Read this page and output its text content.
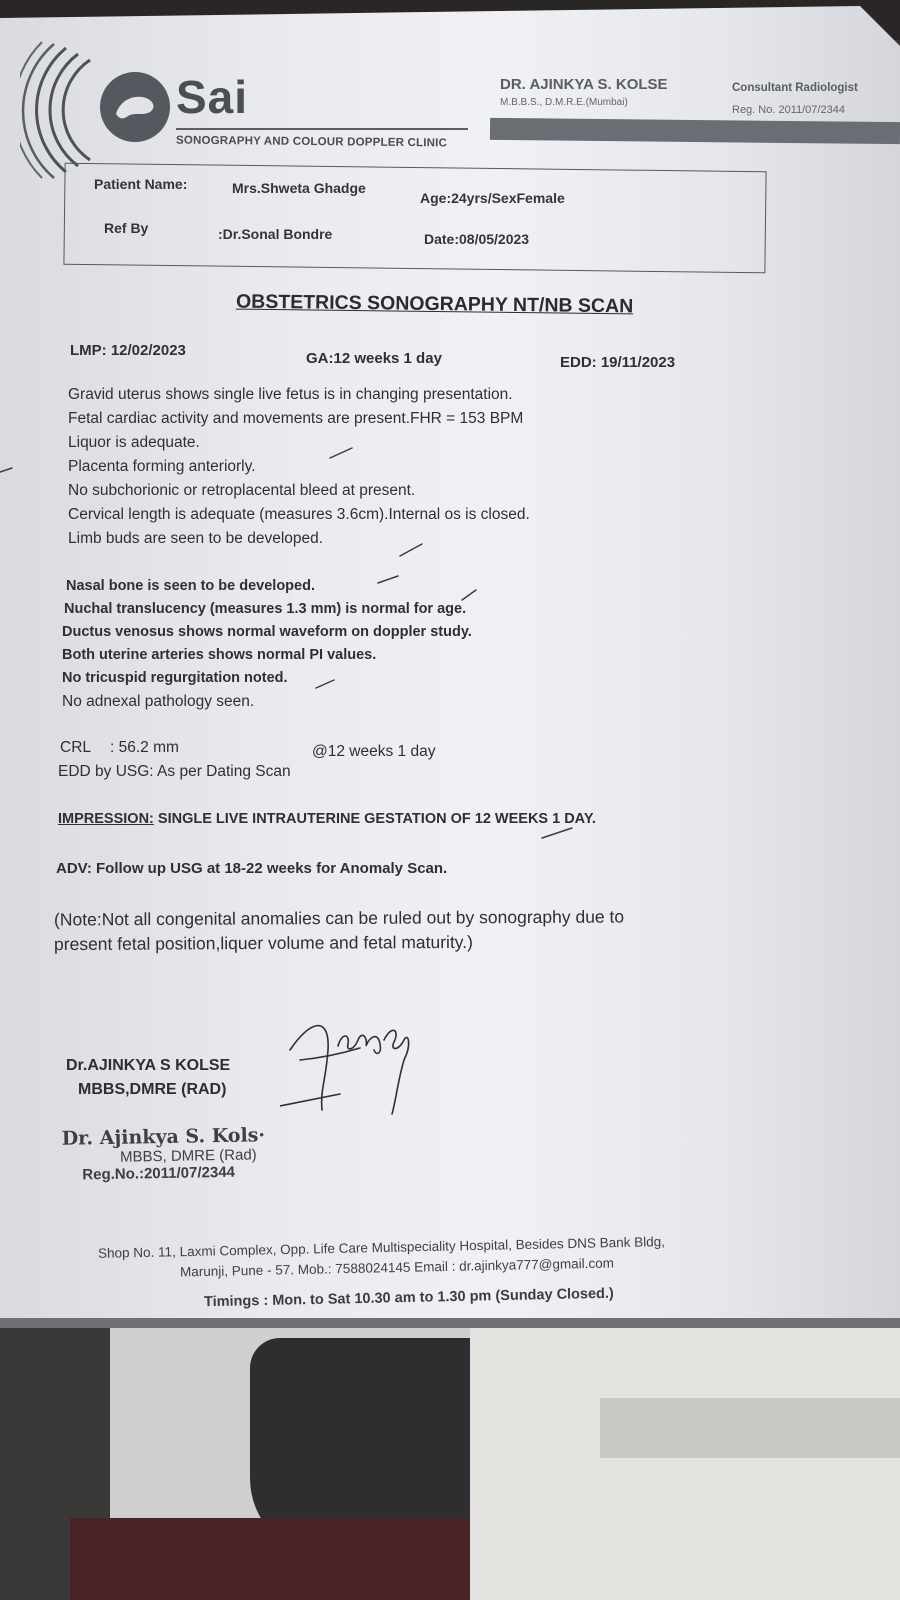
Sai
SONOGRAPHY AND COLOUR DOPPLER CLINIC
DR. AJINKYA S. KOLSE
M.B.B.S., D.M.R.E.(Mumbai)
Consultant Radiologist
Reg. No. 2011/07/2344
Patient Name:	Mrs.Shweta Ghadge
Age:24yrs/SexFemale
Ref By	:Dr.Sonal Bondre	Date:08/05/2023
OBSTETRICS SONOGRAPHY NT/NB SCAN
LMP: 12/02/2023	GA:12 weeks 1 day	EDD: 19/11/2023
Gravid uterus shows single live fetus is in changing presentation.
Fetal cardiac activity and movements are present.FHR = 153 BPM
Liquor is adequate.
Placenta forming anteriorly.
No subchorionic or retroplacental bleed at present.
Cervical length is adequate (measures 3.6cm).Internal os is closed.
Limb buds are seen to be developed.
Nasal bone is seen to be developed.
Nuchal translucency (measures 1.3 mm) is normal for age.
Ductus venosus shows normal waveform on doppler study.
Both uterine arteries shows normal PI values.
No tricuspid regurgitation noted.
No adnexal pathology seen.
CRL : 56.2 mm	@12 weeks 1 day
EDD by USG: As per Dating Scan
IMPRESSION: SINGLE LIVE INTRAUTERINE GESTATION OF 12 WEEKS 1 DAY.
ADV: Follow up USG at 18-22 weeks for Anomaly Scan.
(Note:Not all congenital anomalies can be ruled out by sonography due to
present fetal position,liquer volume and fetal maturity.)
Dr.AJINKYA S KOLSE
MBBS,DMRE (RAD)
Dr. Ajinkya S. Kols·
MBBS, DMRE (Rad)
Reg.No.:2011/07/2344
Shop No. 11, Laxmi Complex, Opp. Life Care Multispeciality Hospital, Besides DNS Bank Bldg,
Marunji, Pune - 57. Mob.: 7588024145 Email : dr.ajinkya777@gmail.com
Timings : Mon. to Sat 10.30 am to 1.30 pm (Sunday Closed.)
